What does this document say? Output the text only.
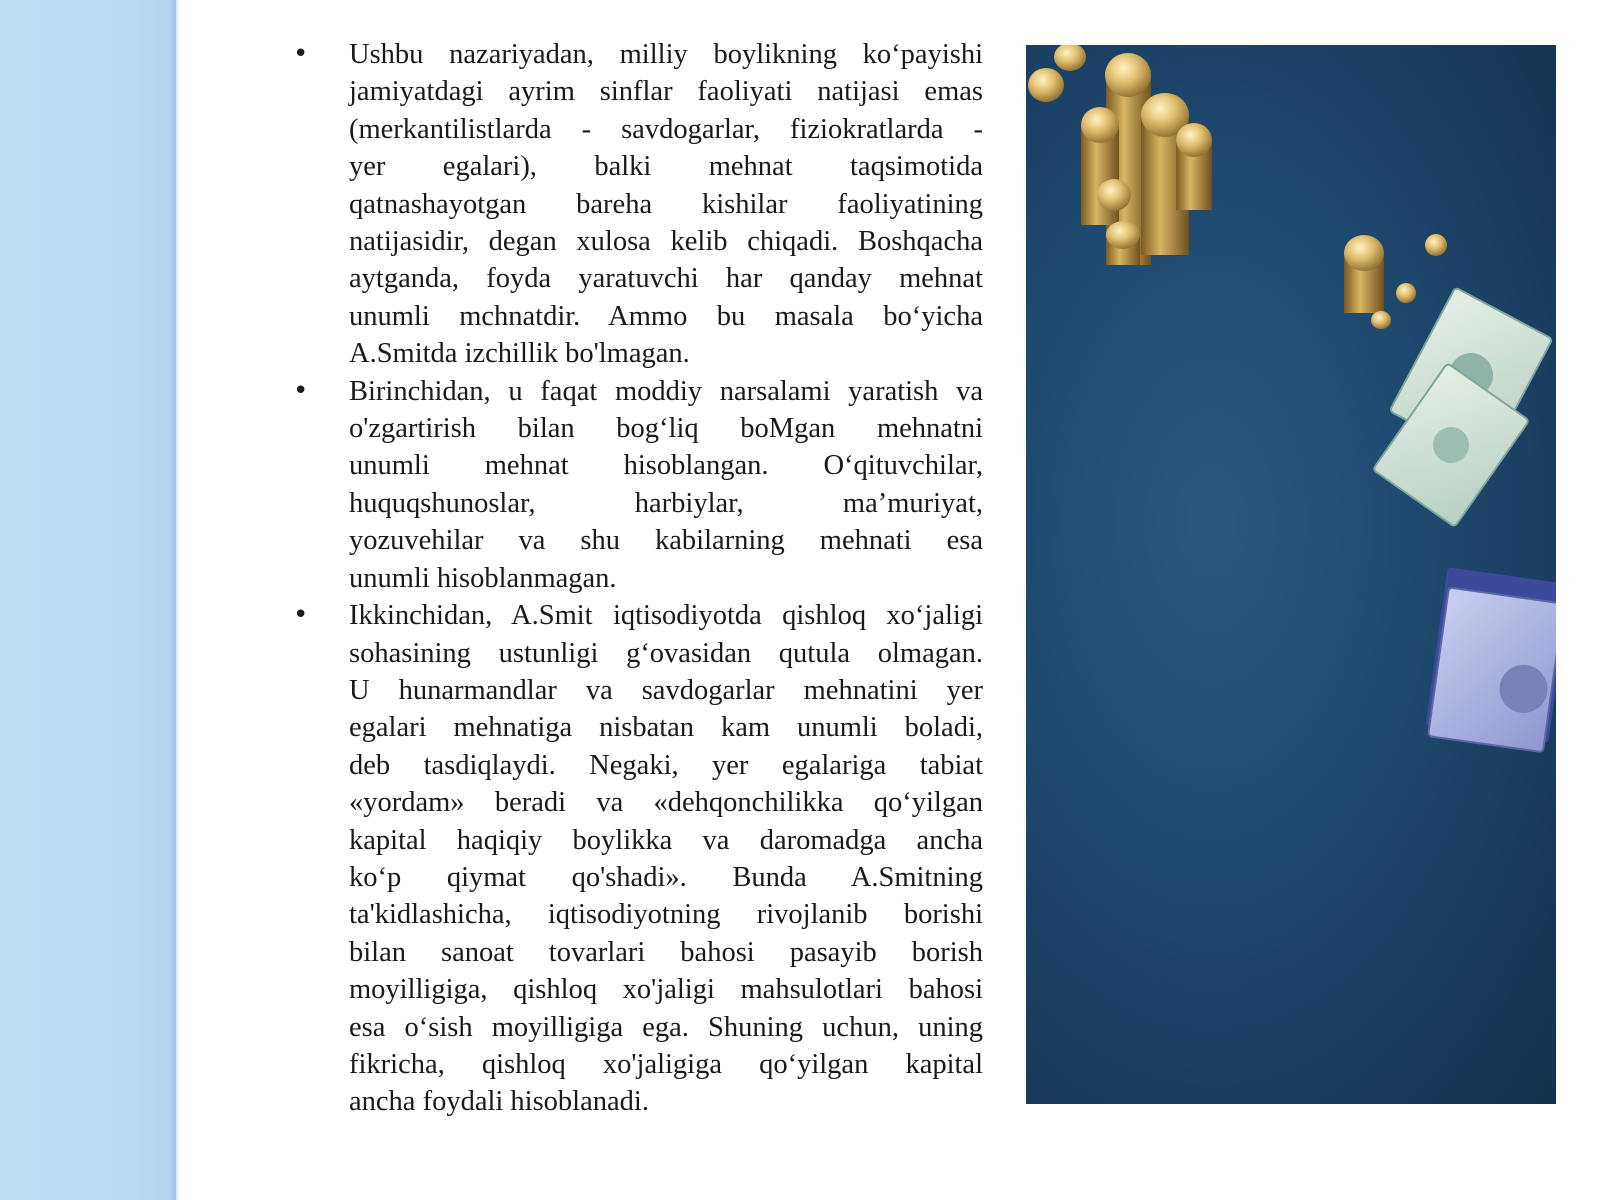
• Ushbu nazariyadan, milliy boylikning ko‘payishi
jamiyatdagi ayrim sinflar faoliyati natijasi emas
(merkantilistlarda - savdogarlar, fiziokratlarda -
yer egalari), balki mehnat taqsimotida
qatnashayotgan bareha kishilar faoliyatining
natijasidir, degan xulosa kelib chiqadi. Boshqacha
aytganda, foyda yaratuvchi har qanday mehnat
unumli mchnatdir. Ammo bu masala bo‘yicha
A.Smitda izchillik bo'lmagan.
• Birinchidan, u faqat moddiy narsalami yaratish va
o'zgartirish bilan bog‘liq boMgan mehnatni
unumli mehnat hisoblangan. O‘qituvchilar,
huquqshunoslar, harbiylar, ma’muriyat,
yozuvehilar va shu kabilarning mehnati esa
unumli hisoblanmagan.
• Ikkinchidan, A.Smit iqtisodiyotda qishloq xo‘jaligi
sohasining ustunligi g‘ovasidan qutula olmagan.
U hunarmandlar va savdogarlar mehnatini yer
egalari mehnatiga nisbatan kam unumli boladi,
deb tasdiqlaydi. Negaki, yer egalariga tabiat
«yordam» beradi va «dehqonchilikka qo‘yilgan
kapital haqiqiy boylikka va daromadga ancha
ko‘p qiymat qo'shadi». Bunda A.Smitning
ta'kidlashicha, iqtisodiyotning rivojlanib borishi
bilan sanoat tovarlari bahosi pasayib borish
moyilligiga, qishloq xo'jaligi mahsulotlari bahosi
esa o‘sish moyilligiga ega. Shuning uchun, uning
fikricha, qishloq xo'jaligiga qo‘yilgan kapital
ancha foydali hisoblanadi.
